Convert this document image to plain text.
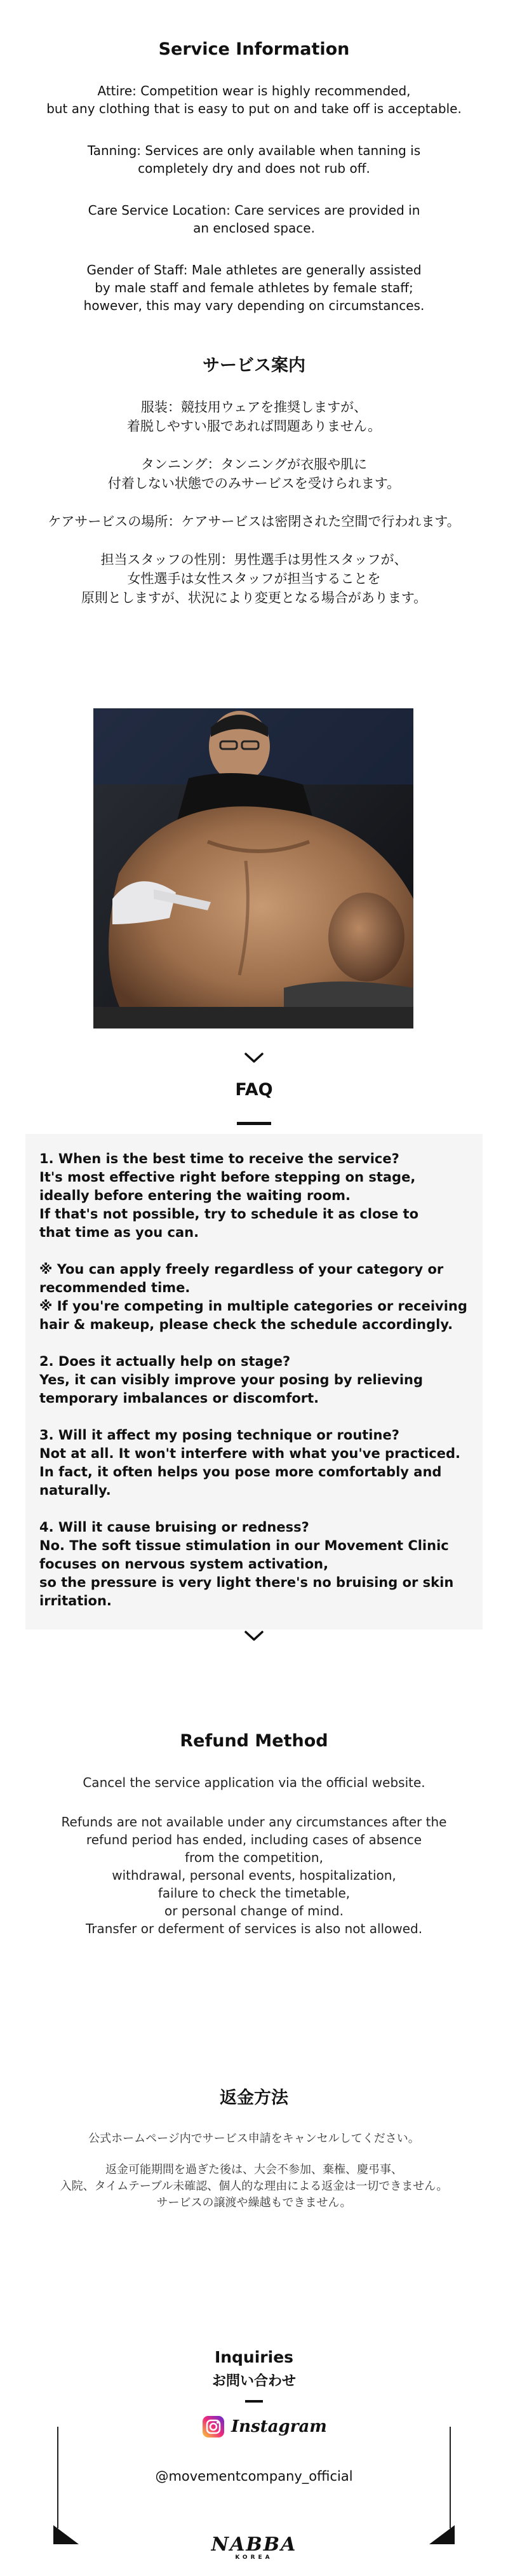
Service Information

Attire: Competition wear is highly recommended,
but any clothing that is easy to put on and take off is acceptable.

Tanning: Services are only available when tanning is
completely dry and does not rub off.

Care Service Location: Care services are provided in
an enclosed space.

Gender of Staff: Male athletes are generally assisted
by male staff and female athletes by female staff;
however, this may vary depending on circumstances.

サービス案内

服装：競技用ウェアを推奨しますが、
着脱しやすい服であれば問題ありません。

タンニング：タンニングが衣服や肌に
付着しない状態でのみサービスを受けられます。

ケアサービスの場所：ケアサービスは密閉された空間で行われます。

担当スタッフの性別：男性選手は男性スタッフが、
女性選手は女性スタッフが担当することを
原則としますが、状況により変更となる場合があります。

FAQ

1. When is the best time to receive the service?
It's most effective right before stepping on stage,
ideally before entering the waiting room.
If that's not possible, try to schedule it as close to
that time as you can.

※ You can apply freely regardless of your category or
recommended time.
※ If you're competing in multiple categories or receiving
hair & makeup, please check the schedule accordingly.

2. Does it actually help on stage?
Yes, it can visibly improve your posing by relieving
temporary imbalances or discomfort.

3. Will it affect my posing technique or routine?
Not at all. It won't interfere with what you've practiced.
In fact, it often helps you pose more comfortably and naturally.

4. Will it cause bruising or redness?
No. The soft tissue stimulation in our Movement Clinic
focuses on nervous system activation,
so the pressure is very light there's no bruising or skin irritation.

Refund Method

Cancel the service application via the official website.

Refunds are not available under any circumstances after the
refund period has ended, including cases of absence
from the competition,
withdrawal, personal events, hospitalization,
failure to check the timetable,
or personal change of mind.
Transfer or deferment of services is also not allowed.

返金方法

公式ホームページ内でサービス申請をキャンセルしてください。

返金可能期間を過ぎた後は、大会不参加、棄権、慶弔事、
入院、タイムテーブル未確認、個人的な理由による返金は一切できません。
サービスの譲渡や繰越もできません。

Inquiries
お問い合わせ
Instagram
@movementcompany_official
NABBA
KOREA
